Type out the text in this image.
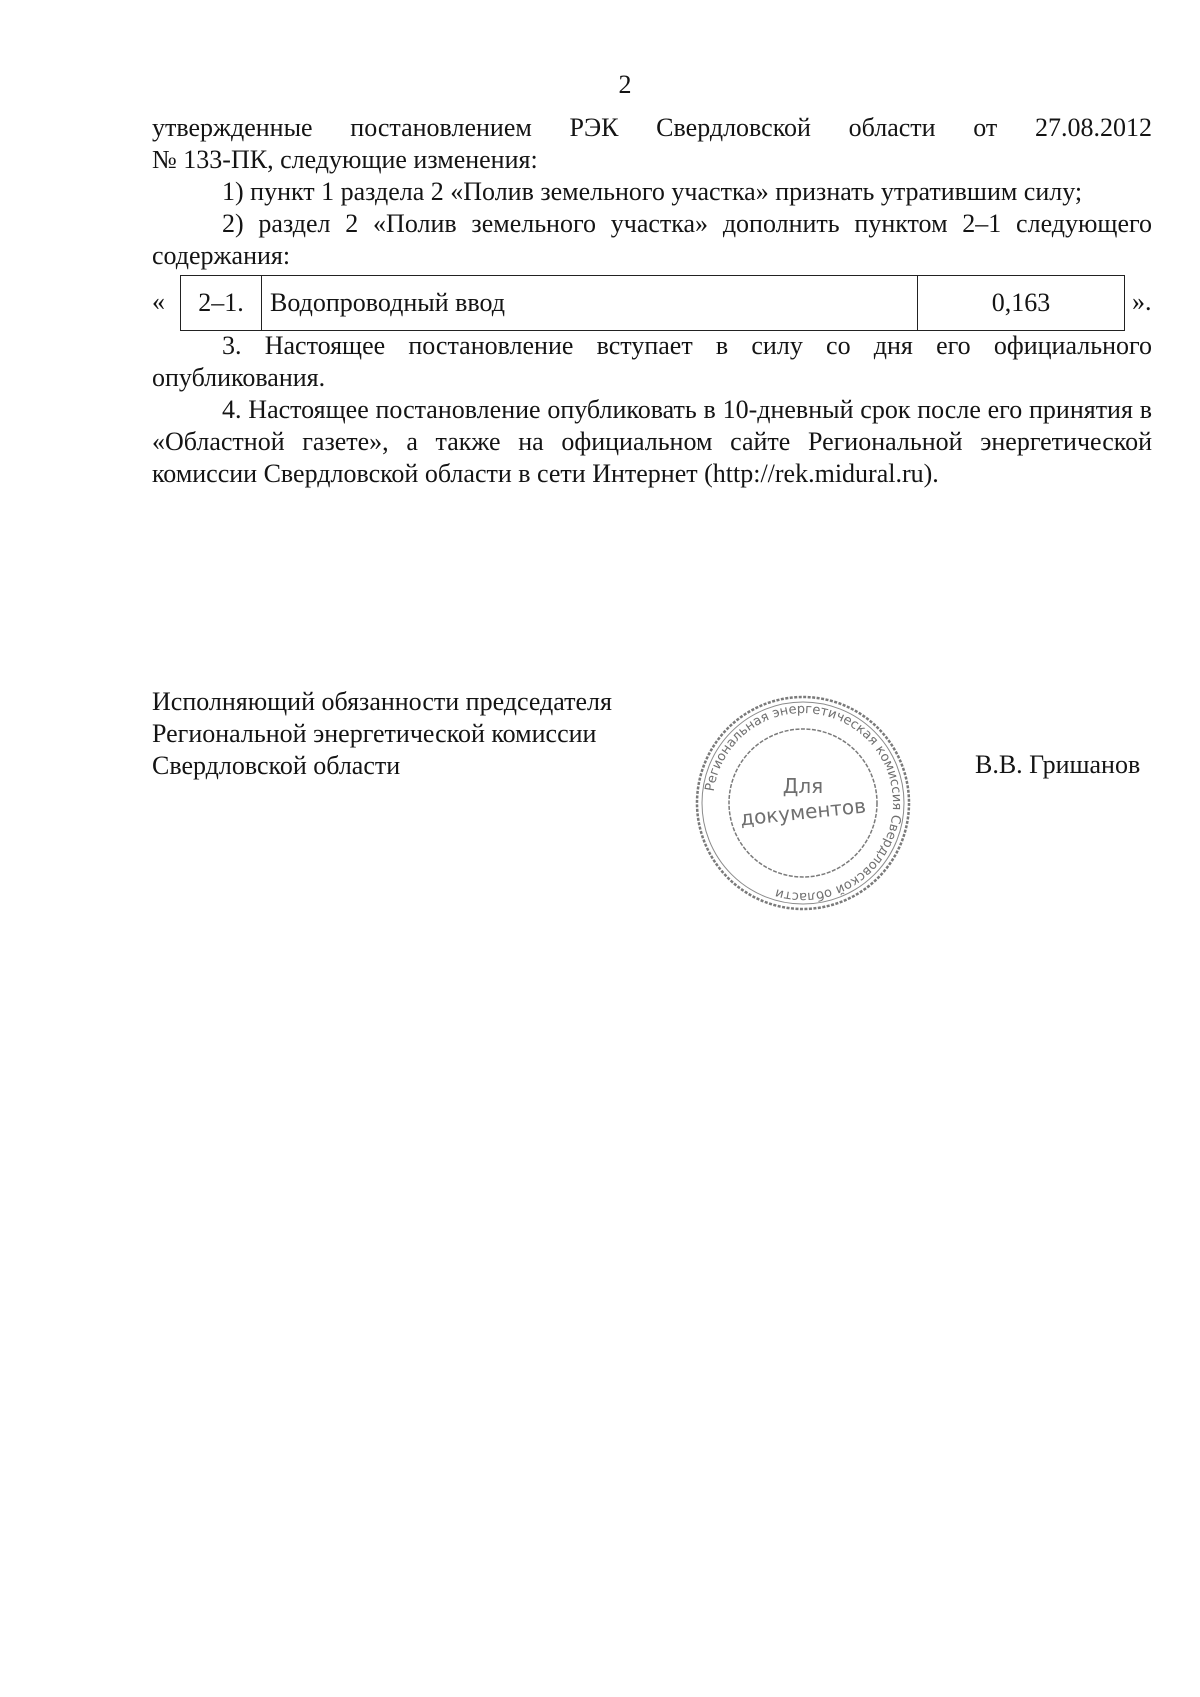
2

утвержденные постановлением РЭК Свердловской области от 27.08.2012

№ 133-ПК, следующие изменения:

1) пункт 1 раздела 2 «Полив земельного участка» признать утратившим силу;

2) раздел 2 «Полив земельного участка» дополнить пунктом 2–1 следующего содержания:

« 2–1.	Водопроводный ввод	0,163	».

3. Настоящее постановление вступает в силу со дня его официального опубликования.

4. Настоящее постановление опубликовать в 10-дневный срок после его принятия в «Областной газете», а также на официальном сайте Региональной энергетической комиссии Свердловской области в сети Интернет (http://rek.midural.ru).

Исполняющий обязанности председателя
Региональной энергетической комиссии
Свердловской области	В.В. Гришанов
Региональная энергетическая комиссия Свердловской области
Для
документов
